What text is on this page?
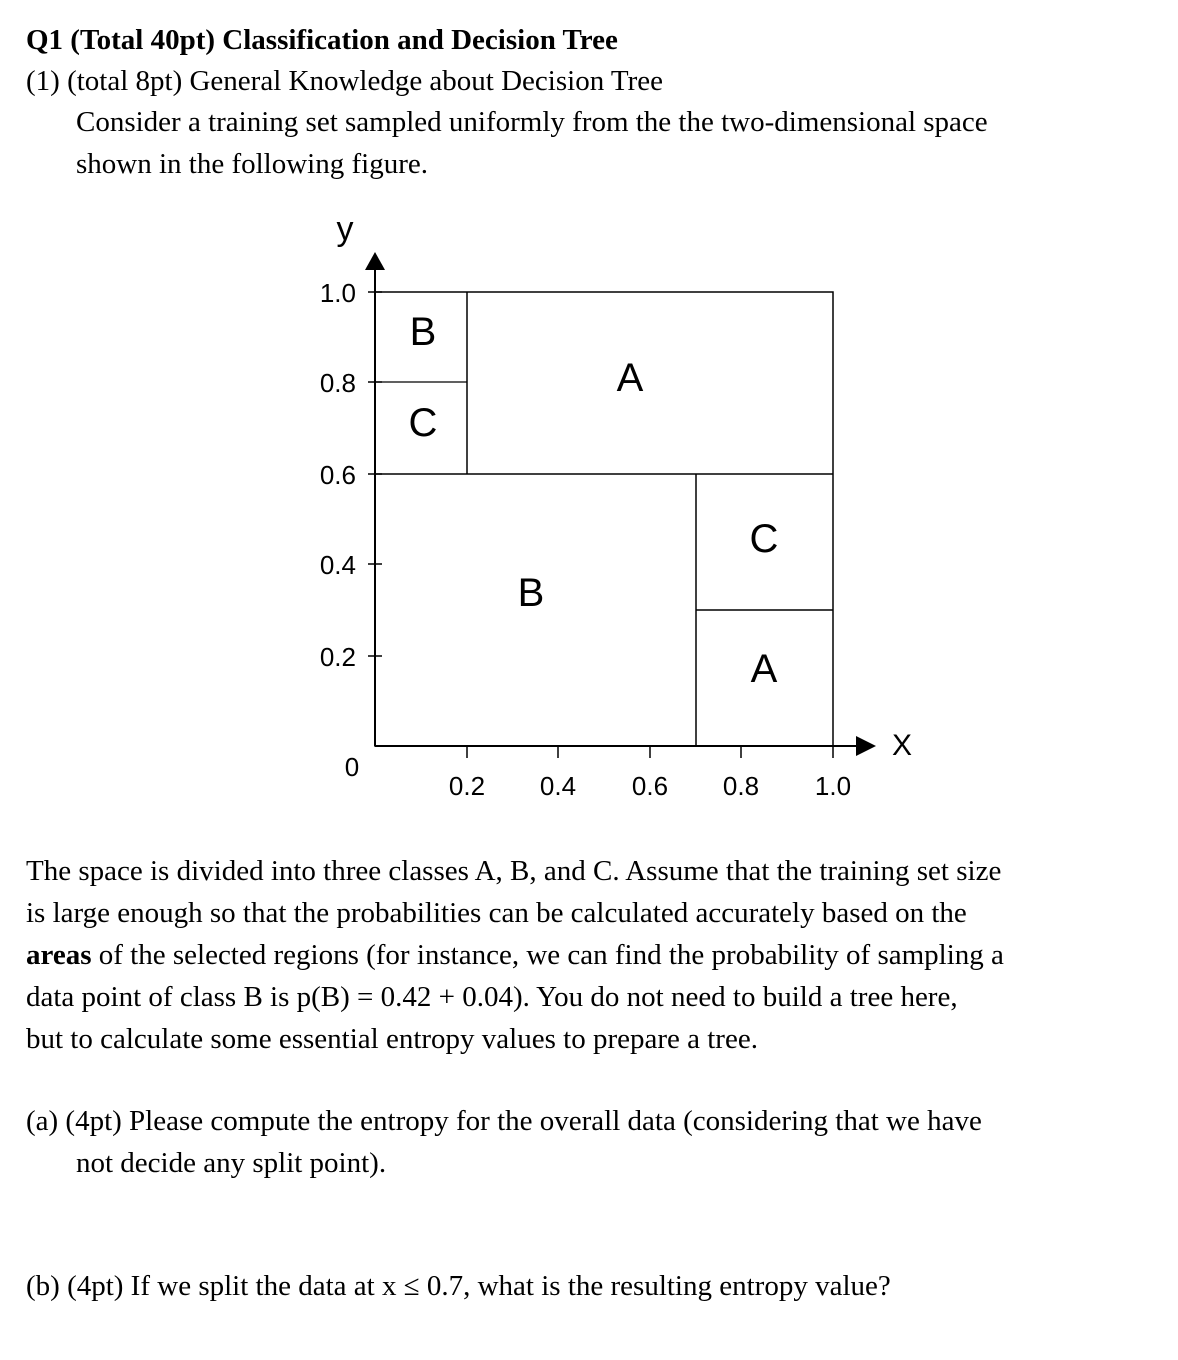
Q1 (Total 40pt) Classification and Decision Tree
(1) (total 8pt) General Knowledge about Decision Tree
Consider a training set sampled uniformly from the the two-dimensional space
shown in the following figure.
y
X
1.0
0.8
0.6
0.4
0.2
0
0.2 0.4 0.6 0.8 1.0
B
C
A
B
C
A
The space is divided into three classes A, B, and C. Assume that the training set size
is large enough so that the probabilities can be calculated accurately based on the
areas of the selected regions (for instance, we can find the probability of sampling a
data point of class B is p(B) = 0.42 + 0.04). You do not need to build a tree here,
but to calculate some essential entropy values to prepare a tree.
(a) (4pt) Please compute the entropy for the overall data (considering that we have
not decide any split point).
(b) (4pt) If we split the data at x ≤ 0.7, what is the resulting entropy value?
